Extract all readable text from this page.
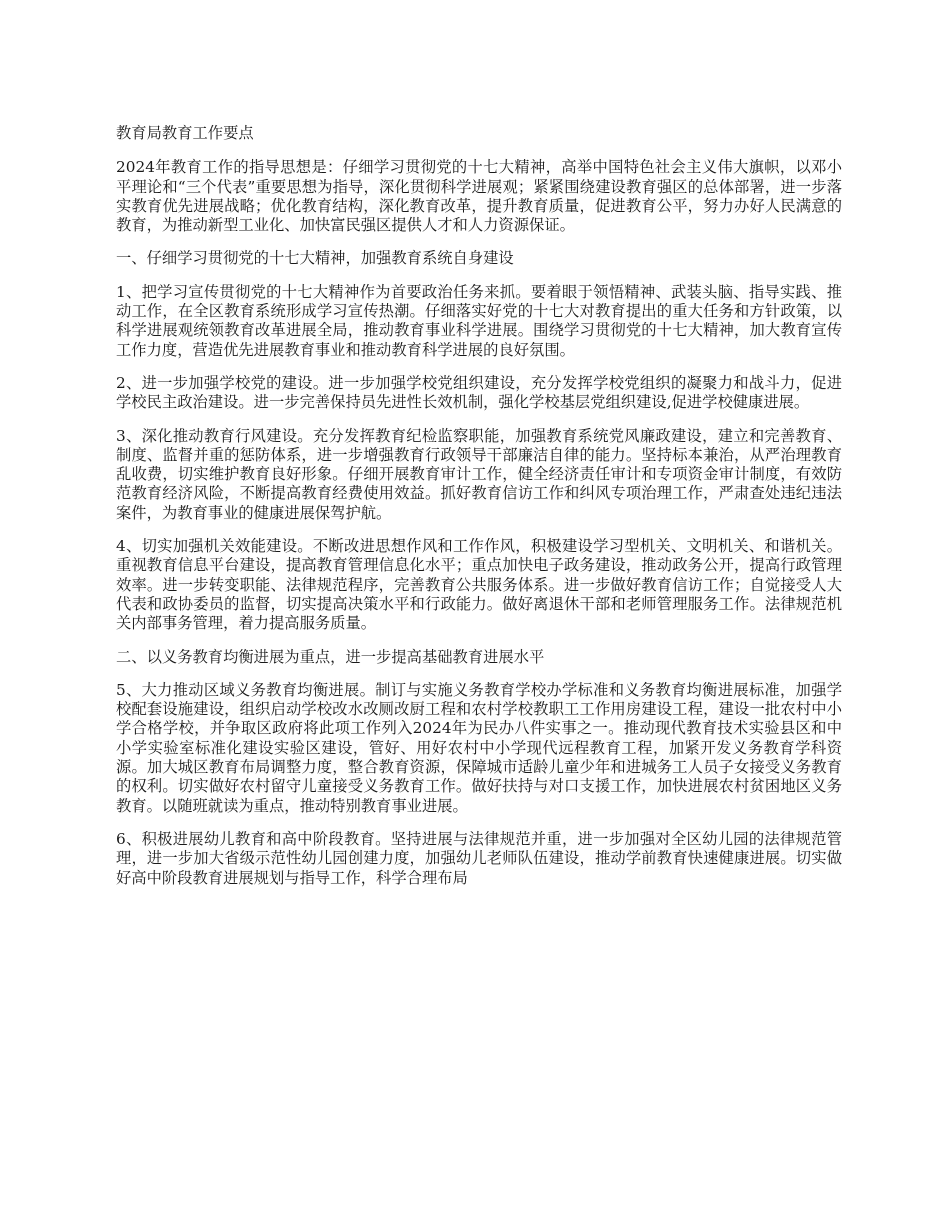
教育局教育工作要点

2024年教育工作的指导思想是：仔细学习贯彻党的十七大精神，高举中国特色社会主义伟大旗帜，以邓小平理论和“三个代表”重要思想为指导，深化贯彻科学进展观；紧紧围绕建设教育强区的总体部署，进一步落实教育优先进展战略；优化教育结构，深化教育改革，提升教育质量，促进教育公平，努力办好人民满意的教育，为推动新型工业化、加快富民强区提供人才和人力资源保证。

一、仔细学习贯彻党的十七大精神，加强教育系统自身建设

1、把学习宣传贯彻党的十七大精神作为首要政治任务来抓。要着眼于领悟精神、武装头脑、指导实践、推动工作，在全区教育系统形成学习宣传热潮。仔细落实好党的十七大对教育提出的重大任务和方针政策，以科学进展观统领教育改革进展全局，推动教育事业科学进展。围绕学习贯彻党的十七大精神，加大教育宣传工作力度，营造优先进展教育事业和推动教育科学进展的良好氛围。

2、进一步加强学校党的建设。进一步加强学校党组织建设，充分发挥学校党组织的凝聚力和战斗力，促进学校民主政治建设。进一步完善保持员先进性长效机制，强化学校基层党组织建设,促进学校健康进展。

3、深化推动教育行风建设。充分发挥教育纪检监察职能，加强教育系统党风廉政建设，建立和完善教育、制度、监督并重的惩防体系，进一步增强教育行政领导干部廉洁自律的能力。坚持标本兼治，从严治理教育乱收费，切实维护教育良好形象。仔细开展教育审计工作，健全经济责任审计和专项资金审计制度，有效防范教育经济风险，不断提高教育经费使用效益。抓好教育信访工作和纠风专项治理工作，严肃查处违纪违法案件，为教育事业的健康进展保驾护航。

4、切实加强机关效能建设。不断改进思想作风和工作作风，积极建设学习型机关、文明机关、和谐机关。重视教育信息平台建设，提高教育管理信息化水平；重点加快电子政务建设，推动政务公开，提高行政管理效率。进一步转变职能、法律规范程序，完善教育公共服务体系。进一步做好教育信访工作；自觉接受人大代表和政协委员的监督，切实提高决策水平和行政能力。做好离退休干部和老师管理服务工作。法律规范机关内部事务管理，着力提高服务质量。

二、以义务教育均衡进展为重点，进一步提高基础教育进展水平

5、大力推动区域义务教育均衡进展。制订与实施义务教育学校办学标准和义务教育均衡进展标准，加强学校配套设施建设，组织启动学校改水改厕改厨工程和农村学校教职工工作用房建设工程，建设一批农村中小学合格学校，并争取区政府将此项工作列入2024年为民办八件实事之一。推动现代教育技术实验县区和中小学实验室标准化建设实验区建设，管好、用好农村中小学现代远程教育工程，加紧开发义务教育学科资源。加大城区教育布局调整力度，整合教育资源，保障城市适龄儿童少年和进城务工人员子女接受义务教育的权利。切实做好农村留守儿童接受义务教育工作。做好扶持与对口支援工作，加快进展农村贫困地区义务教育。以随班就读为重点，推动特别教育事业进展。

6、积极进展幼儿教育和高中阶段教育。坚持进展与法律规范并重，进一步加强对全区幼儿园的法律规范管理，进一步加大省级示范性幼儿园创建力度，加强幼儿老师队伍建设，推动学前教育快速健康进展。切实做好高中阶段教育进展规划与指导工作，科学合理布局
